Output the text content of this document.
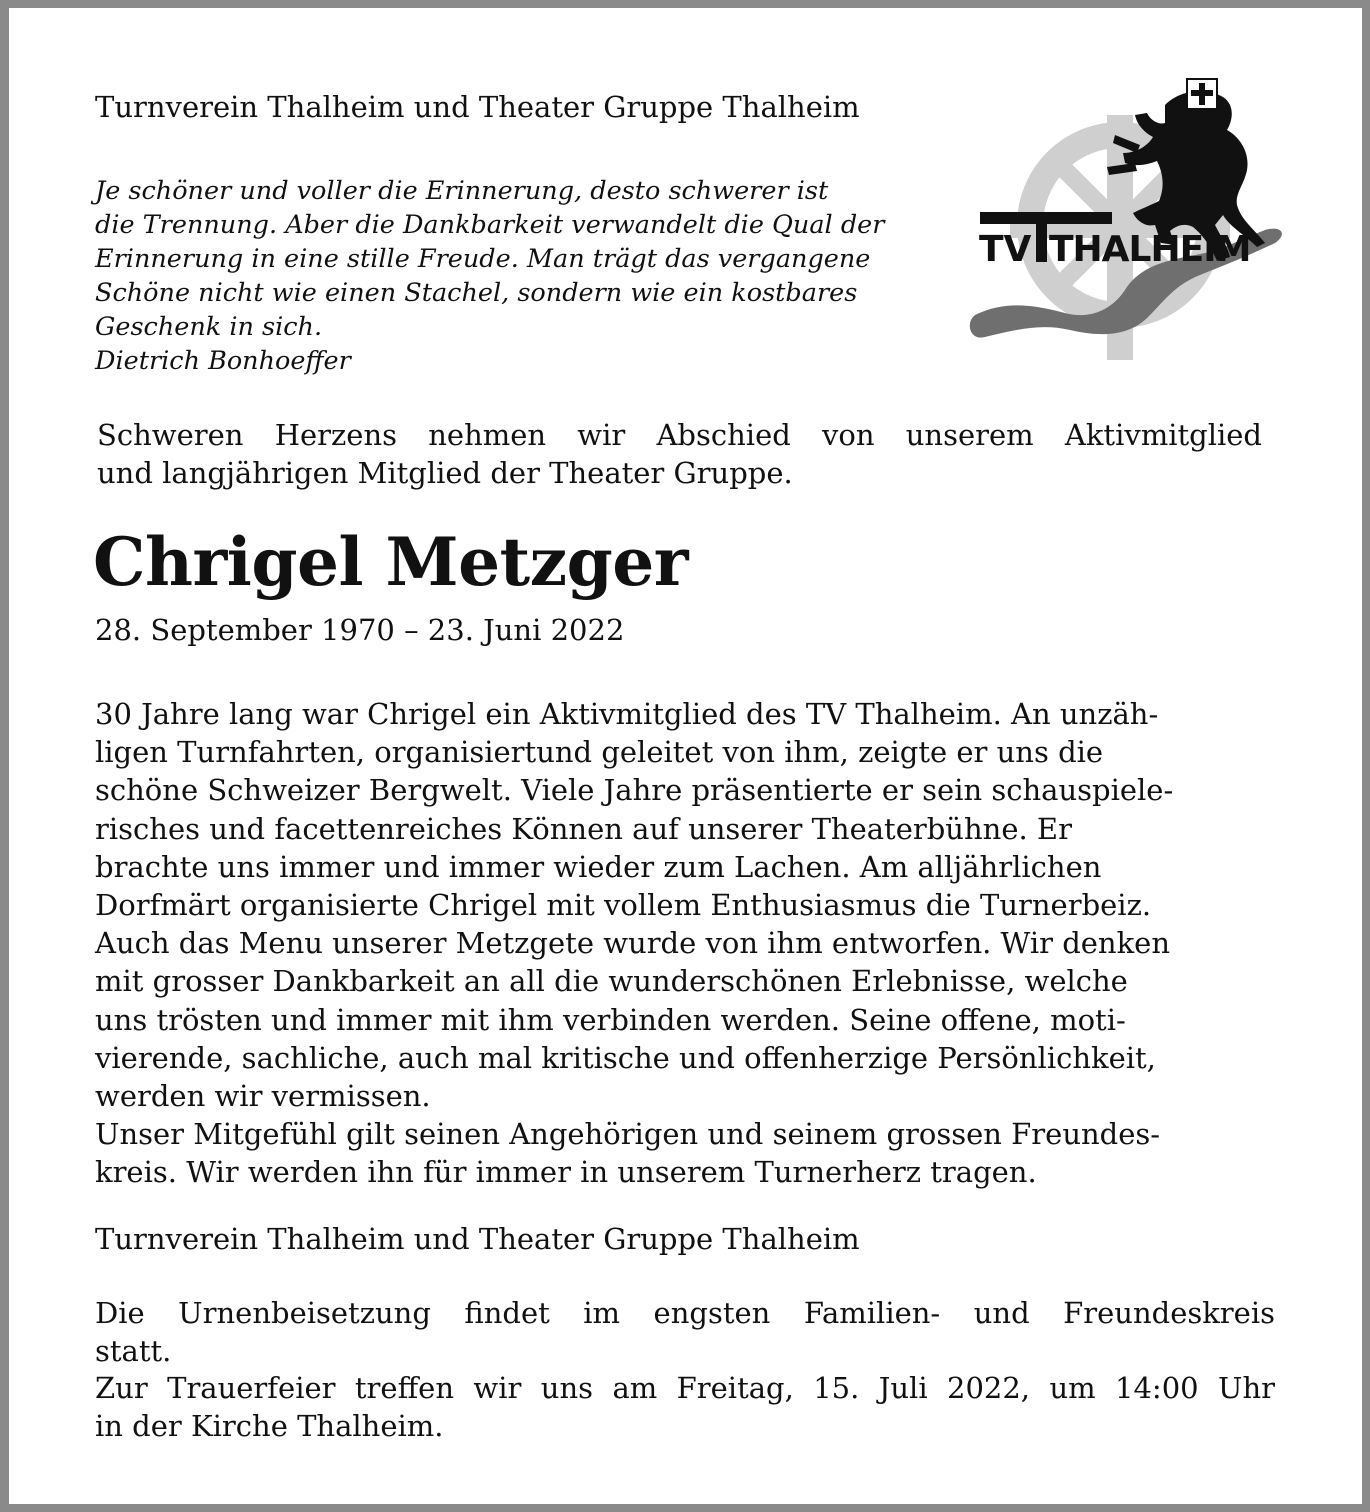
Turnverein Thalheim und Theater Gruppe Thalheim

Je schöner und voller die Erinnerung, desto schwerer ist
die Trennung. Aber die Dankbarkeit verwandelt die Qual der
Erinnerung in eine stille Freude. Man trägt das vergangene
Schöne nicht wie einen Stachel, sondern wie ein kostbares
Geschenk in sich.
Dietrich Bonhoeffer
TV THALHEIM
Schweren Herzens nehmen wir Abschied von unserem Aktivmitglied
und langjährigen Mitglied der Theater Gruppe.
Chrigel Metzger

28. September 1970 – 23. Juni 2022

30 Jahre lang war Chrigel ein Aktivmitglied des TV Thalheim. An unzäh-
ligen Turnfahrten, organisiertund geleitet von ihm, zeigte er uns die
schöne Schweizer Bergwelt. Viele Jahre präsentierte er sein schauspiele-
risches und facettenreiches Können auf unserer Theaterbühne. Er
brachte uns immer und immer wieder zum Lachen. Am alljährlichen
Dorfmärt organisierte Chrigel mit vollem Enthusiasmus die Turnerbeiz.
Auch das Menu unserer Metzgete wurde von ihm entworfen. Wir denken
mit grosser Dankbarkeit an all die wunderschönen Erlebnisse, welche
uns trösten und immer mit ihm verbinden werden. Seine offene, moti-
vierende, sachliche, auch mal kritische und offenherzige Persönlichkeit,
werden wir vermissen.
Unser Mitgefühl gilt seinen Angehörigen und seinem grossen Freundes-
kreis. Wir werden ihn für immer in unserem Turnerherz tragen.

Turnverein Thalheim und Theater Gruppe Thalheim

Die Urnenbeisetzung findet im engsten Familien- und Freundeskreis
statt.
Zur Trauerfeier treffen wir uns am Freitag, 15. Juli 2022, um 14:00 Uhr
in der Kirche Thalheim.
